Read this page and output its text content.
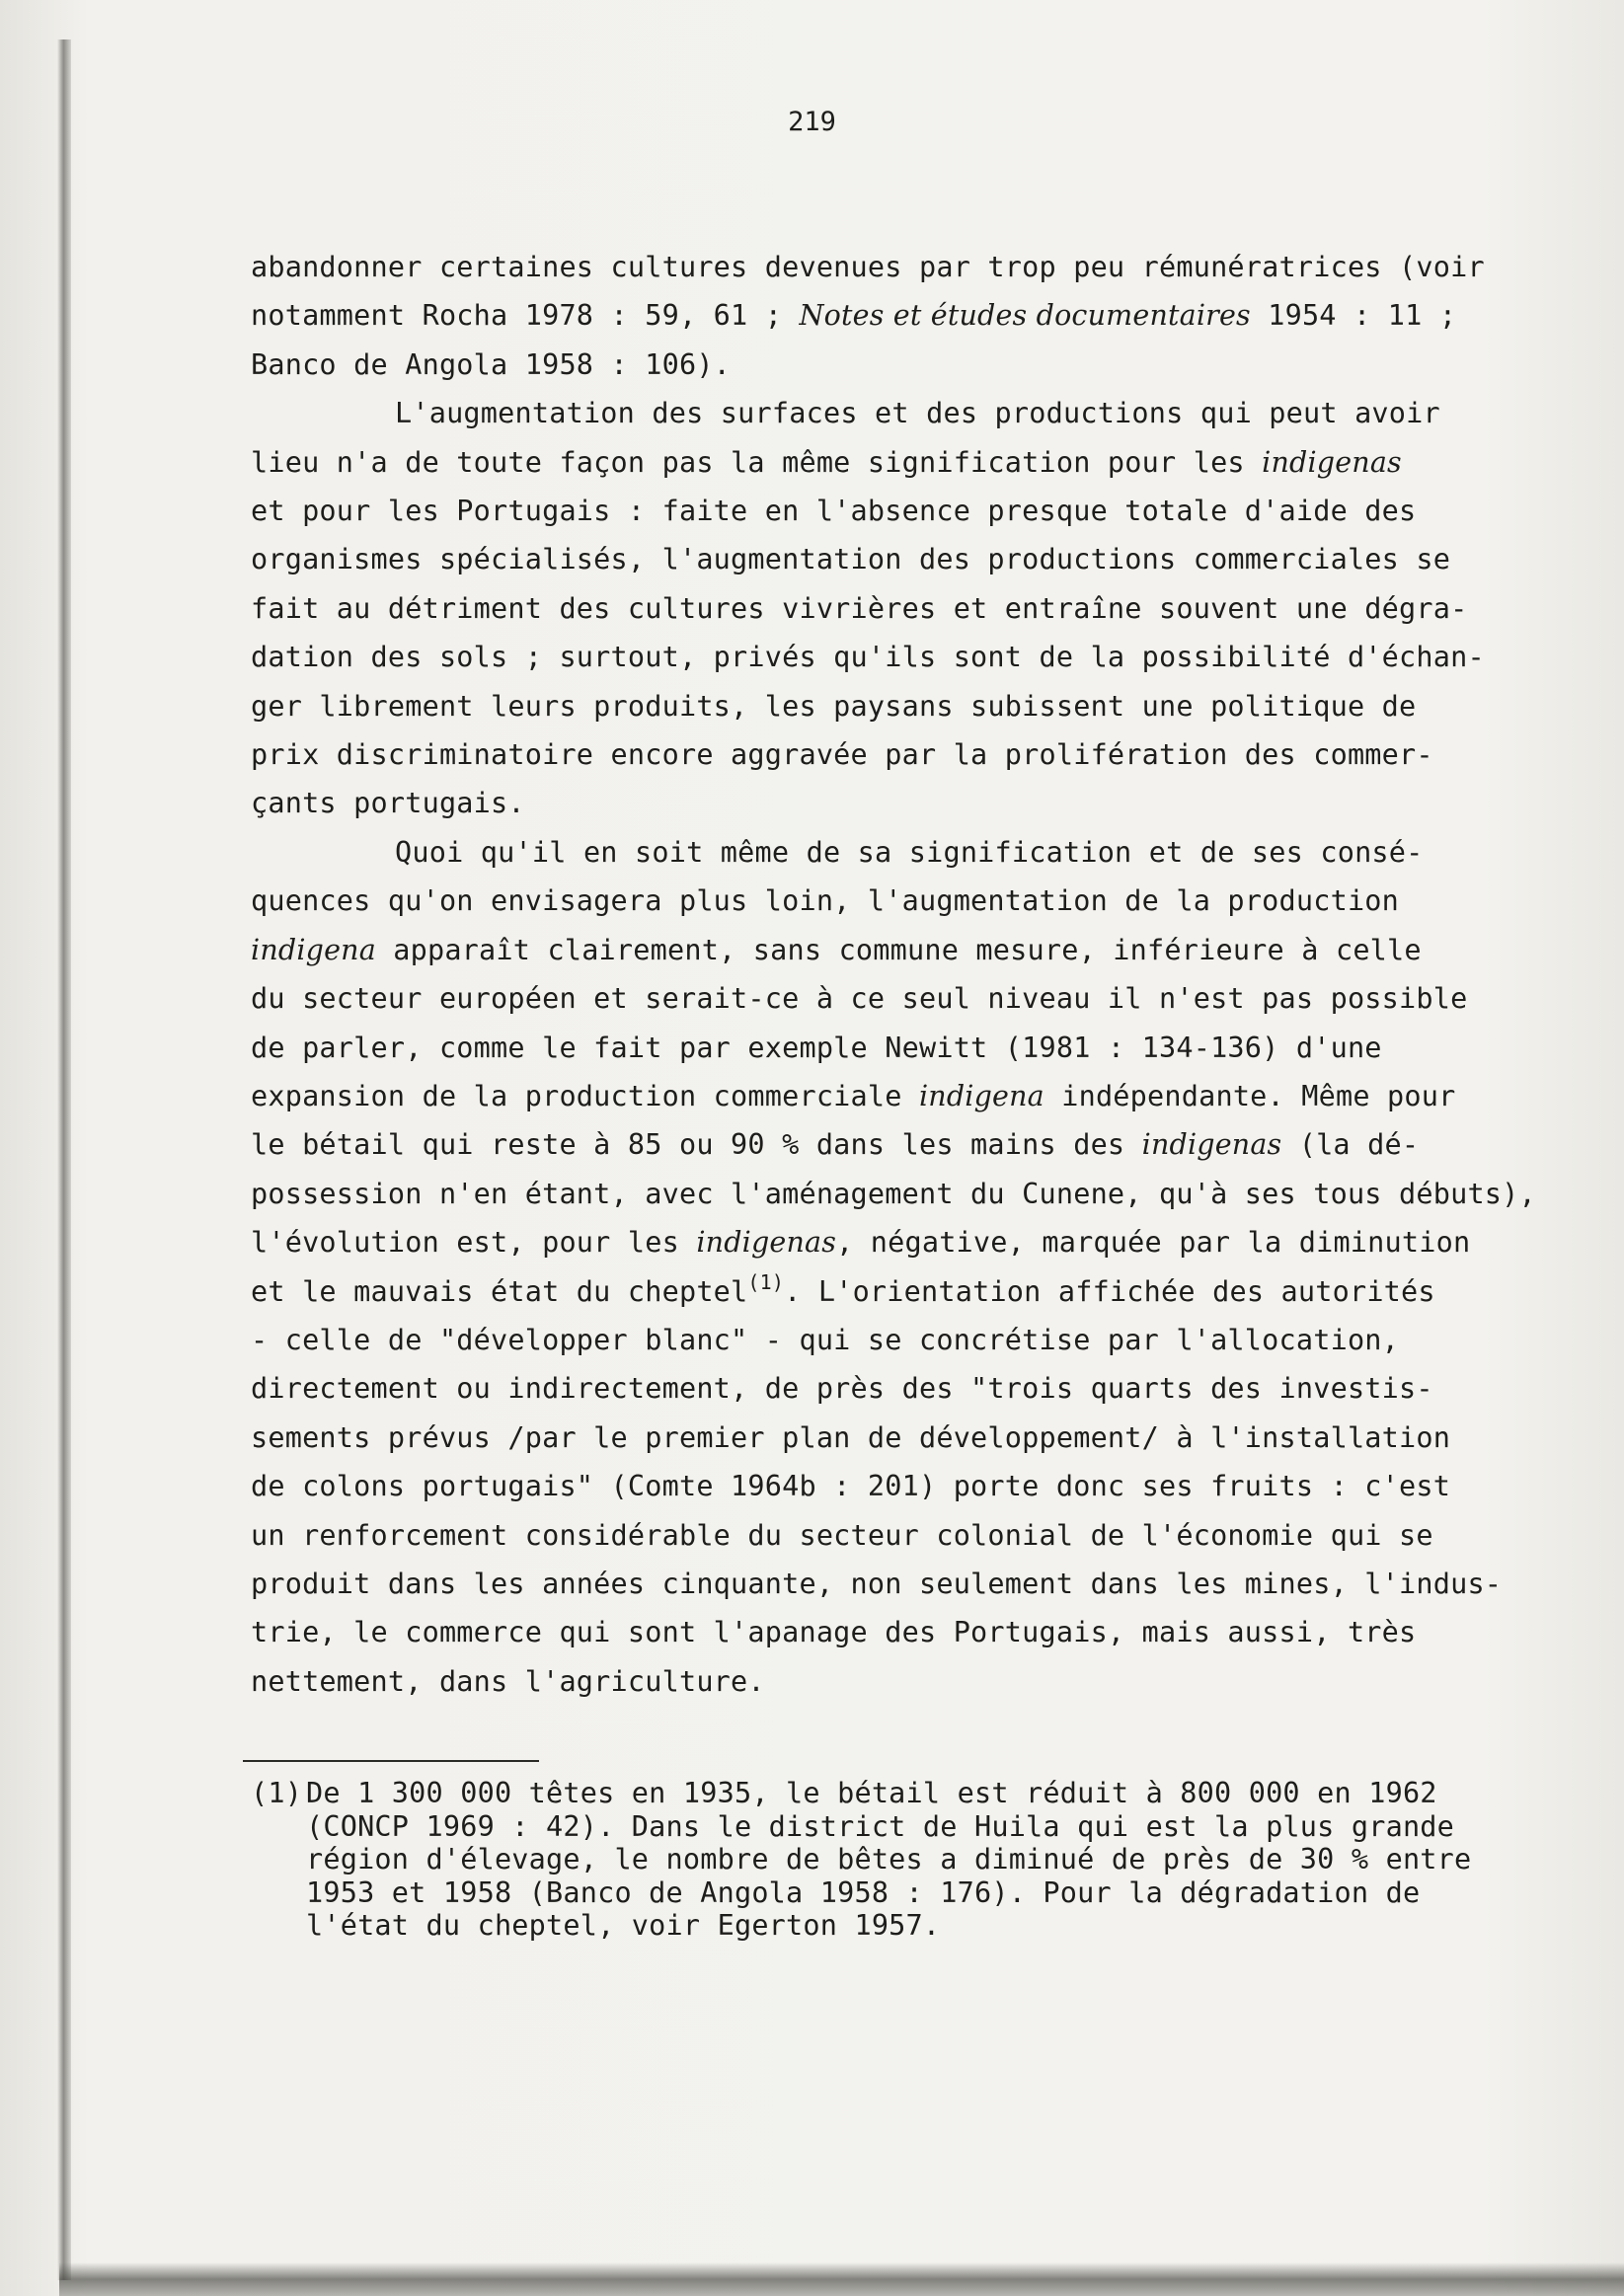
219

abandonner certaines cultures devenues par trop peu rémunératrices (voir
notamment Rocha 1978 : 59, 61 ; Notes et études documentaires 1954 : 11 ;
Banco de Angola 1958 : 106).

L'augmentation des surfaces et des productions qui peut avoir
lieu n'a de toute façon pas la même signification pour les indigenas
et pour les Portugais : faite en l'absence presque totale d'aide des
organismes spécialisés, l'augmentation des productions commerciales se
fait au détriment des cultures vivrières et entraîne souvent une dégra-
dation des sols ; surtout, privés qu'ils sont de la possibilité d'échan-
ger librement leurs produits, les paysans subissent une politique de
prix discriminatoire encore aggravée par la prolifération des commer-
çants portugais.

Quoi qu'il en soit même de sa signification et de ses consé-
quences qu'on envisagera plus loin, l'augmentation de la production
indigena apparaît clairement, sans commune mesure, inférieure à celle
du secteur européen et serait-ce à ce seul niveau il n'est pas possible
de parler, comme le fait par exemple Newitt (1981 : 134-136) d'une
expansion de la production commerciale indigena indépendante. Même pour
le bétail qui reste à 85 ou 90 % dans les mains des indigenas (la dé-
possession n'en étant, avec l'aménagement du Cunene, qu'à ses tous débuts),
l'évolution est, pour les indigenas, négative, marquée par la diminution
et le mauvais état du cheptel$^{(1)}$. L'orientation affichée des autorités
- celle de "développer blanc" - qui se concrétise par l'allocation,
directement ou indirectement, de près des "trois quarts des investis-
sements prévus /par le premier plan de développement/ à l'installation
de colons portugais" (Comte 1964b : 201) porte donc ses fruits : c'est
un renforcement considérable du secteur colonial de l'économie qui se
produit dans les années cinquante, non seulement dans les mines, l'indus-
trie, le commerce qui sont l'apanage des Portugais, mais aussi, très
nettement, dans l'agriculture.

(1) De 1 300 000 têtes en 1935, le bétail est réduit à 800 000 en 1962
(CONCP 1969 : 42). Dans le district de Huila qui est la plus grande
région d'élevage, le nombre de bêtes a diminué de près de 30 % entre
1953 et 1958 (Banco de Angola 1958 : 176). Pour la dégradation de
l'état du cheptel, voir Egerton 1957.
